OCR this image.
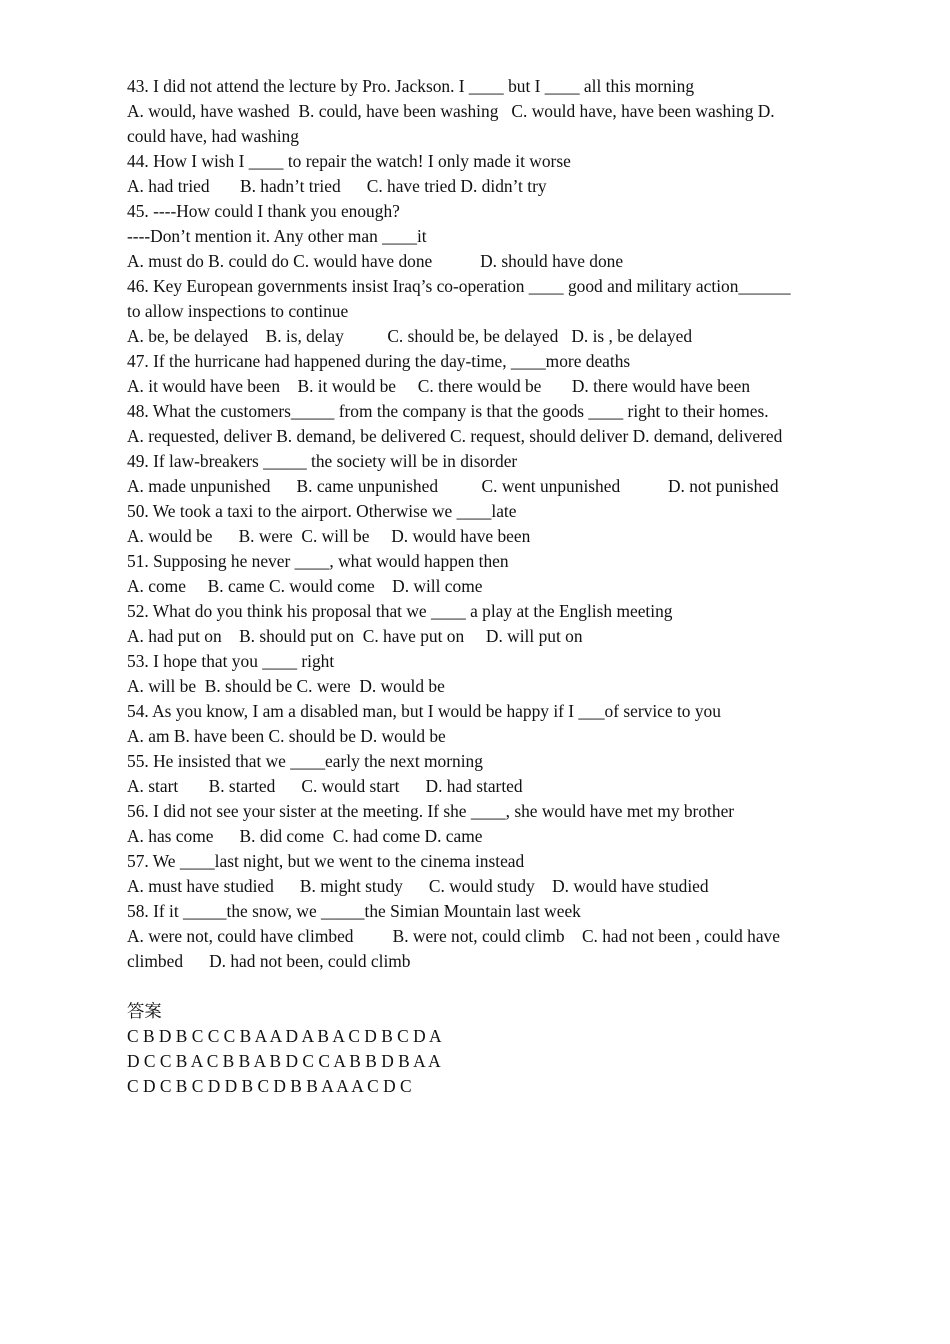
43. I did not attend the lecture by Pro. Jackson. I ____ but I ____ all this morning
A. would, have washed  B. could, have been washing   C. would have, have been washing D.
could have, had washing
44. How I wish I ____ to repair the watch! I only made it worse
A. had tried       B. hadn’t tried      C. have tried D. didn’t try
45. ----How could I thank you enough?
----Don’t mention it. Any other man ____it
A. must do B. could do C. would have done           D. should have done
46. Key European governments insist Iraq’s co-operation ____ good and military action______
to allow inspections to continue
A. be, be delayed    B. is, delay          C. should be, be delayed   D. is , be delayed
47. If the hurricane had happened during the day-time, ____more deaths
A. it would have been    B. it would be     C. there would be       D. there would have been
48. What the customers_____ from the company is that the goods ____ right to their homes.
A. requested, deliver B. demand, be delivered C. request, should deliver D. demand, delivered
49. If law-breakers _____ the society will be in disorder
A. made unpunished      B. came unpunished          C. went unpunished           D. not punished
50. We took a taxi to the airport. Otherwise we ____late
A. would be      B. were  C. will be     D. would have been
51. Supposing he never ____, what would happen then
A. come     B. came C. would come    D. will come
52. What do you think his proposal that we ____ a play at the English meeting
A. had put on    B. should put on  C. have put on     D. will put on
53. I hope that you ____ right
A. will be  B. should be C. were  D. would be
54. As you know, I am a disabled man, but I would be happy if I ___of service to you
A. am B. have been C. should be D. would be
55. He insisted that we ____early the next morning
A. start       B. started      C. would start      D. had started
56. I did not see your sister at the meeting. If she ____, she would have met my brother
A. has come      B. did come  C. had come D. came
57. We ____last night, but we went to the cinema instead
A. must have studied      B. might study      C. would study    D. would have studied
58. If it _____the snow, we _____the Simian Mountain last week
A. were not, could have climbed         B. were not, could climb    C. had not been , could have
climbed      D. had not been, could climb
答案
C B D B C C C B A A D A B A C D B C D A
D C C B A C B B A B D C C A B B D B A A
C D C B C D D B C D B B A A A C D C
